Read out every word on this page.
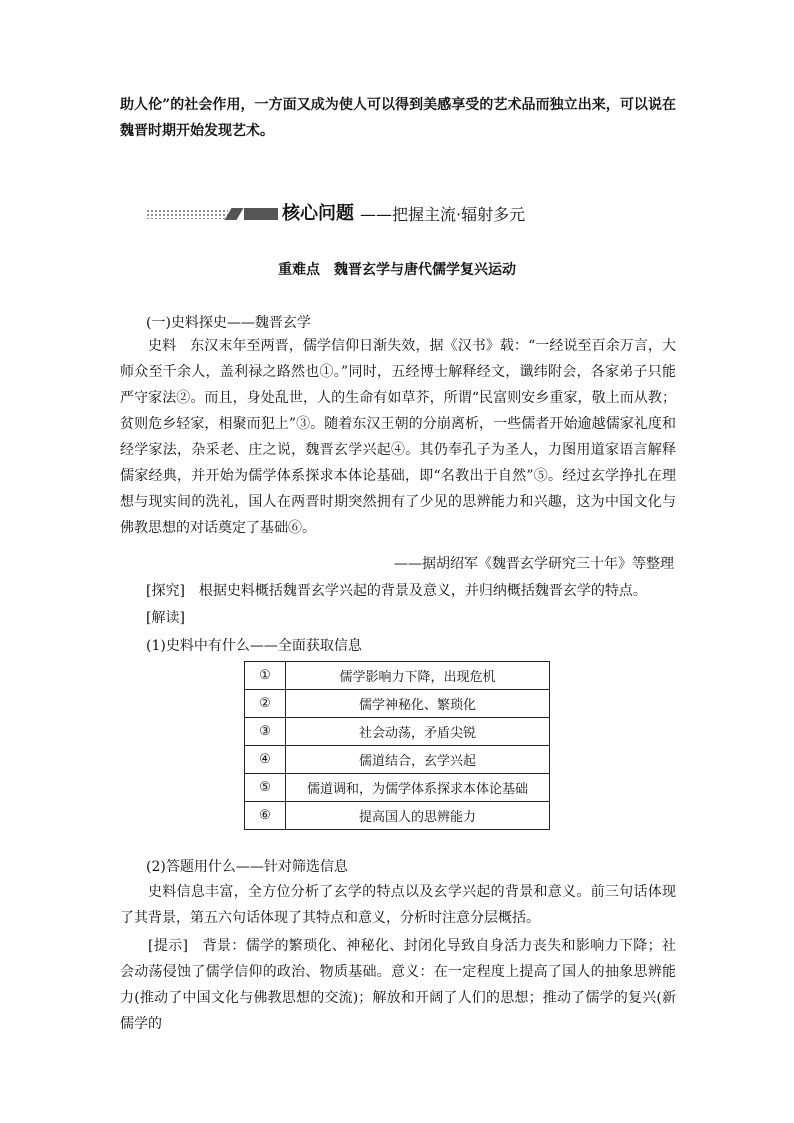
助人伦”的社会作用，一方面又成为使人可以得到美感享受的艺术品而独立出来，可以说在魏晋时期开始发现艺术。
核心问题 ——把握主流·辐射多元
重难点 魏晋玄学与唐代儒学复兴运动
(一)史料探史——魏晋玄学
史料　东汉末年至两晋，儒学信仰日渐失效，据《汉书》载：“一经说至百余万言，大师众至千余人，盖利禄之路然也①。”同时，五经博士解释经文，谶纬附会，各家弟子只能严守家法②。而且，身处乱世，人的生命有如草芥，所谓“民富则安乡重家，敬上而从教；贫则危乡轻家，相聚而犯上”③。随着东汉王朝的分崩离析，一些儒者开始逾越儒家礼度和经学家法，杂采老、庄之说，魏晋玄学兴起④。其仍奉孔子为圣人，力图用道家语言解释儒家经典，并开始为儒学体系探求本体论基础，即“名教出于自然”⑤。经过玄学挣扎在理想与现实间的洗礼，国人在两晋时期突然拥有了少见的思辨能力和兴趣，这为中国文化与佛教思想的对话奠定了基础⑥。
——据胡绍军《魏晋玄学研究三十年》等整理
[探究]　根据史料概括魏晋玄学兴起的背景及意义，并归纳概括魏晋玄学的特点。
[解读]
(1)史料中有什么——全面获取信息
①	儒学影响力下降，出现危机
②	儒学神秘化、繁琐化
③	社会动荡，矛盾尖锐
④	儒道结合，玄学兴起
⑤	儒道调和，为儒学体系探求本体论基础
⑥	提高国人的思辨能力
(2)答题用什么——针对筛选信息
史料信息丰富，全方位分析了玄学的特点以及玄学兴起的背景和意义。前三句话体现了其背景，第五六句话体现了其特点和意义，分析时注意分层概括。
[提示]　背景：儒学的繁琐化、神秘化、封闭化导致自身活力丧失和影响力下降；社会动荡侵蚀了儒学信仰的政治、物质基础。意义：在一定程度上提高了国人的抽象思辨能力(推动了中国文化与佛教思想的交流)；解放和开阔了人们的思想；推动了儒学的复兴(新儒学的
